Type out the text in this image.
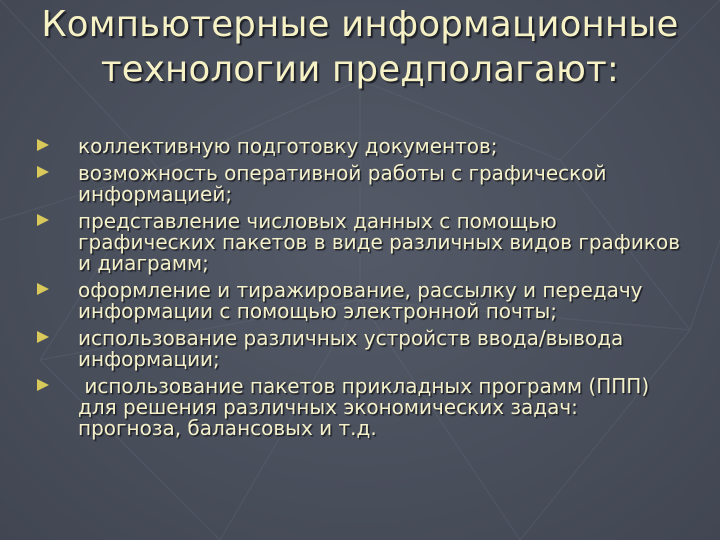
Компьютерные информационные технологии предполагают:
коллективную подготовку документов;
возможность оперативной работы с графической информацией;
представление числовых данных с помощью графических пакетов в виде различных видов графиков и диаграмм;
оформление и тиражирование, рассылку и передачу информации с помощью электронной почты;
использование различных устройств ввода/вывода информации;
использование пакетов прикладных программ (ППП) для решения различных экономических задач: прогноза, балансовых и т.д.
